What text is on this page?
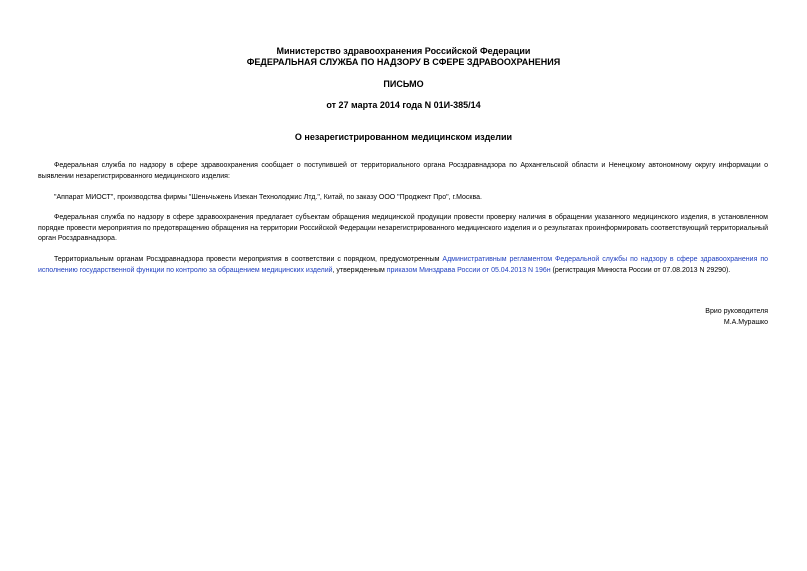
Министерство здравоохранения Российской Федерации
ФЕДЕРАЛЬНАЯ СЛУЖБА ПО НАДЗОРУ В СФЕРЕ ЗДРАВООХРАНЕНИЯ
ПИСЬМО
от 27 марта 2014 года N 01И-385/14
О незарегистрированном медицинском изделии
Федеральная служба по надзору в сфере здравоохранения сообщает о поступившей от территориального органа Росздравнадзора по Архангельской области и Ненецкому автономному округу информации о выявлении незарегистрированного медицинского изделия:
"Аппарат МИОСТ", производства фирмы "Шеньчьжень Изекан Технолоджис Лтд.", Китай, по заказу ООО "Проджект Про", г.Москва.
Федеральная служба по надзору в сфере здравоохранения предлагает субъектам обращения медицинской продукции провести проверку наличия в обращении указанного медицинского изделия, в установленном порядке провести мероприятия по предотвращению обращения на территории Российской Федерации незарегистрированного медицинского изделия и о результатах проинформировать соответствующий территориальный орган Росздравнадзора.
Территориальным органам Росздравнадзора провести мероприятия в соответствии с порядком, предусмотренным Административным регламентом Федеральной службы по надзору в сфере здравоохранения по исполнению государственной функции по контролю за обращением медицинских изделий, утвержденным приказом Минздрава России от 05.04.2013 N 196н (регистрация Минюста России от 07.08.2013 N 29290).
Врио руководителя
М.А.Мурашко
